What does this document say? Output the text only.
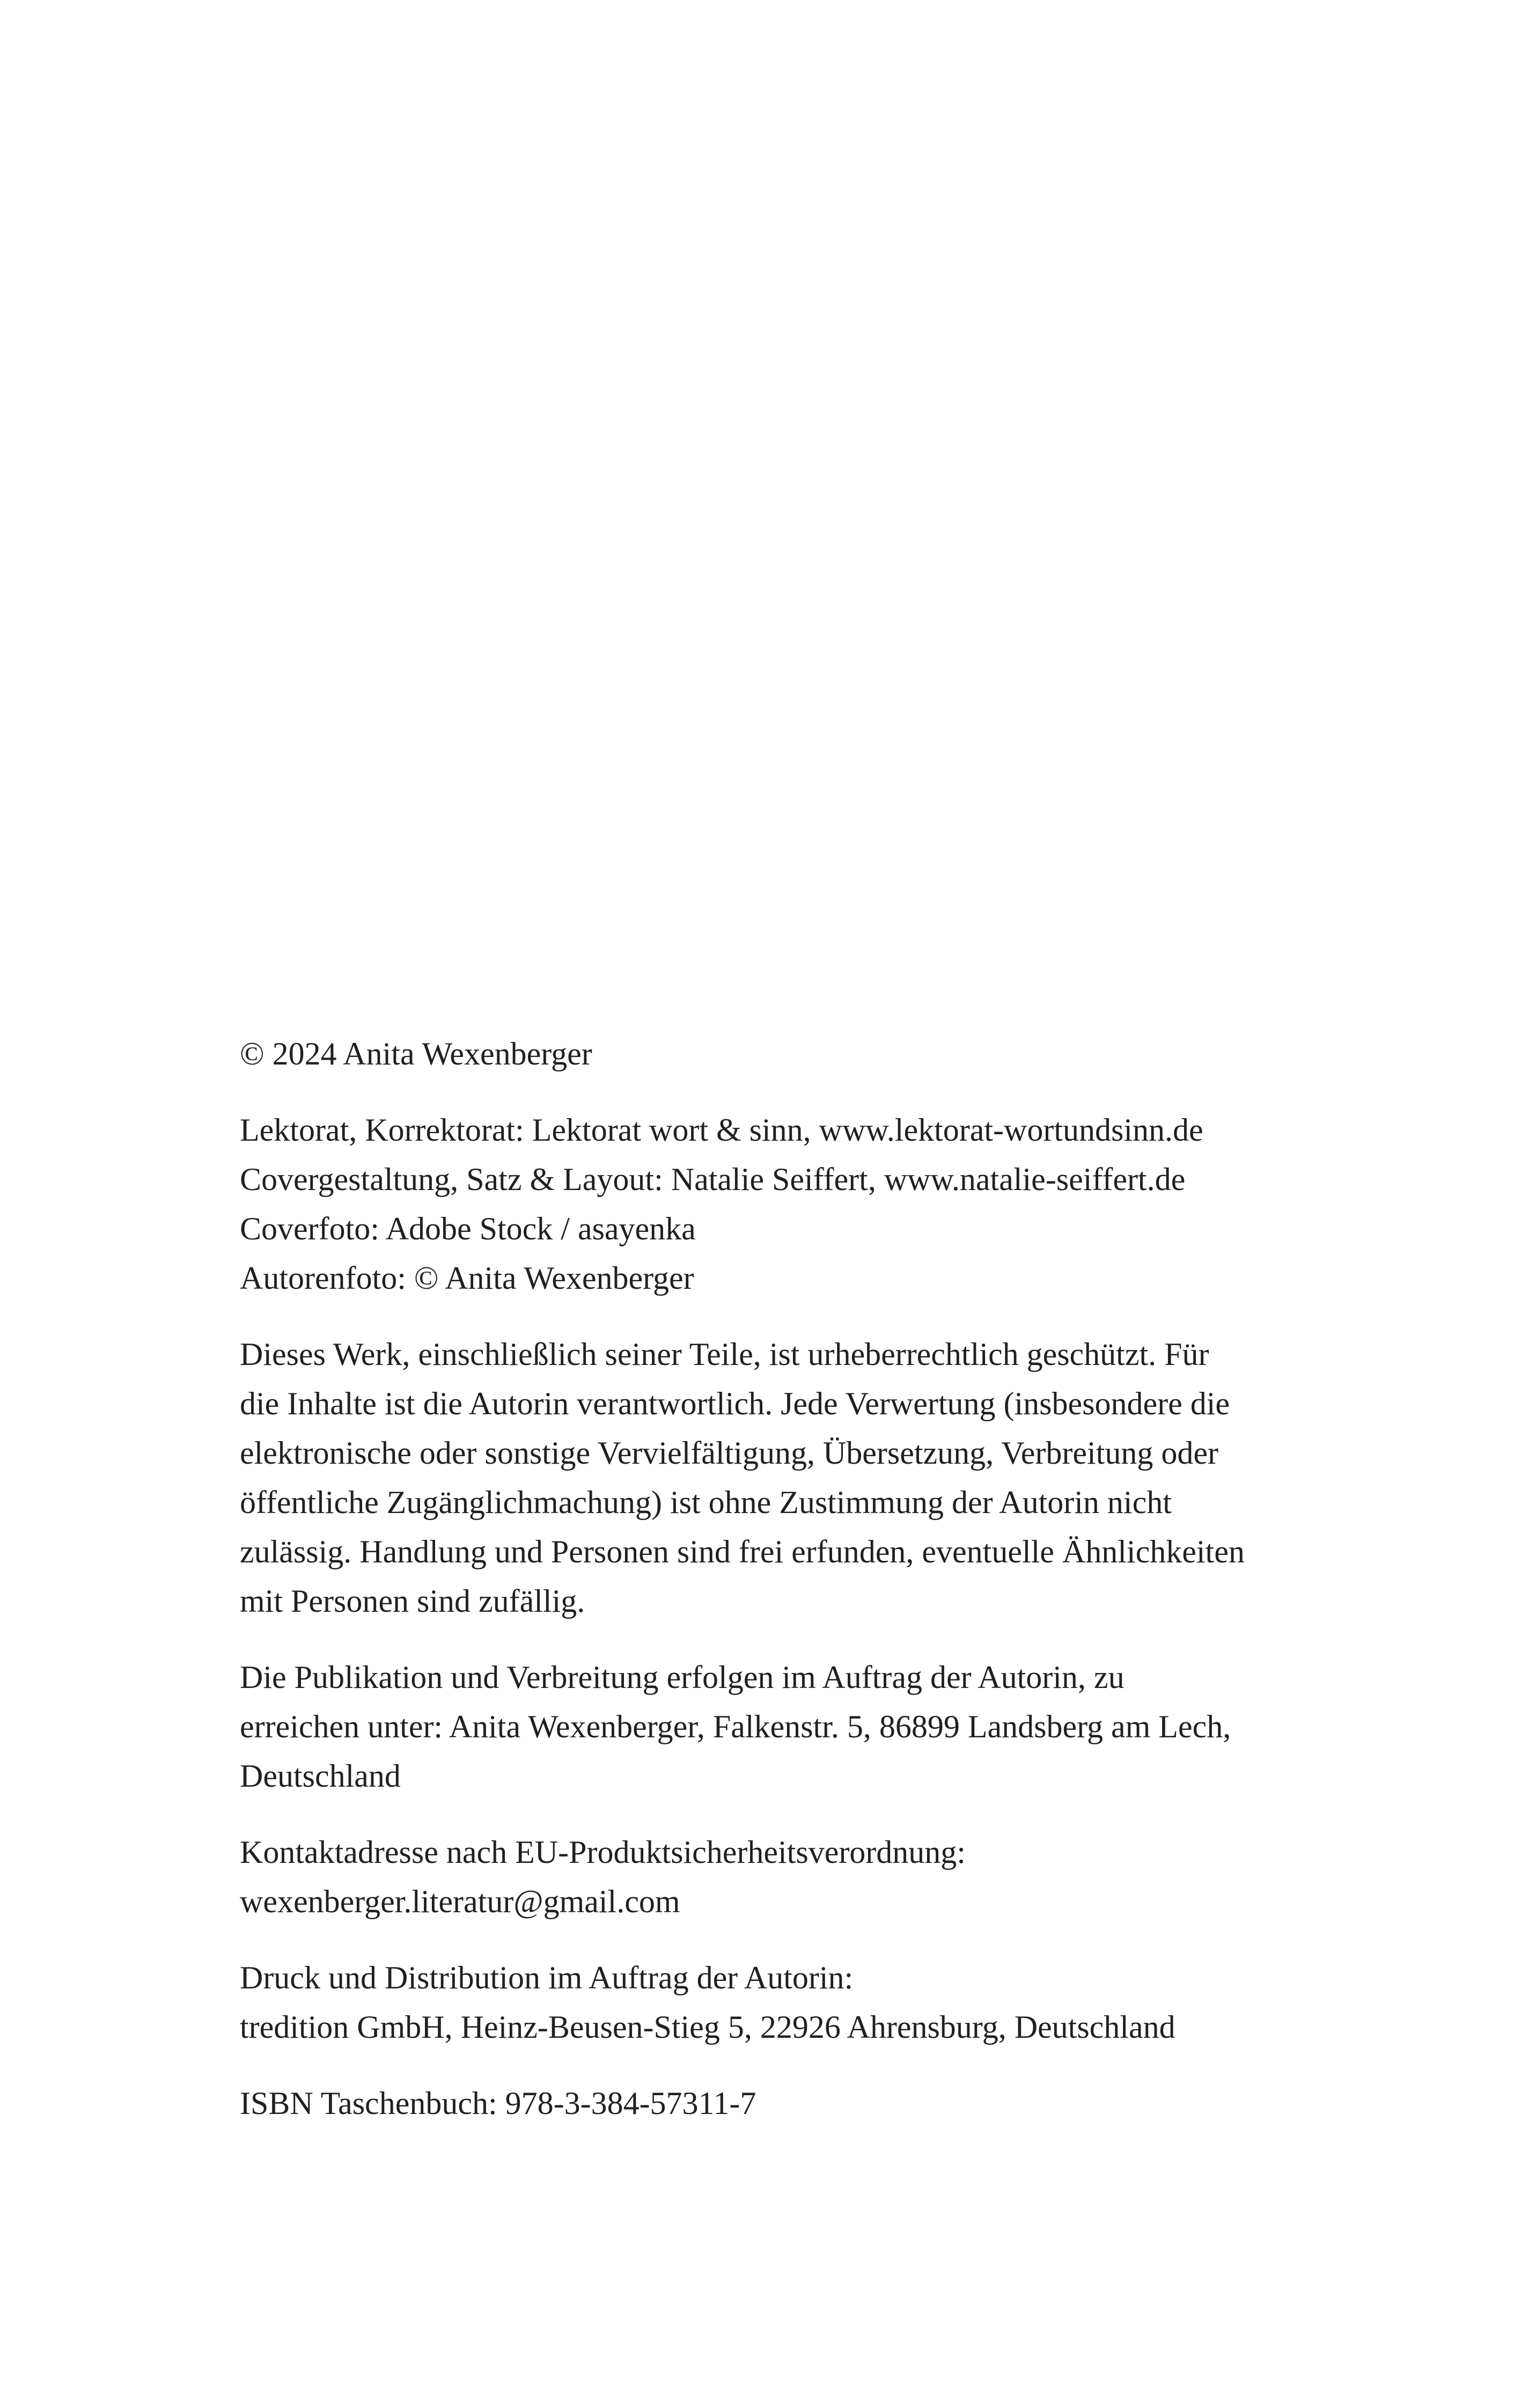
© 2024 Anita Wexenberger
Lektorat, Korrektorat: Lektorat wort & sinn, www.lektorat-wortundsinn.de
Covergestaltung, Satz & Layout: Natalie Seiffert, www.natalie-seiffert.de
Coverfoto: Adobe Stock / asayenka
Autorenfoto: © Anita Wexenberger
Dieses Werk, einschließlich seiner Teile, ist urheberrechtlich geschützt. Für
die Inhalte ist die Autorin verantwortlich. Jede Verwertung (insbesondere die
elektronische oder sonstige Vervielfältigung, Übersetzung, Verbreitung oder
öffentliche Zugänglichmachung) ist ohne Zustimmung der Autorin nicht
zulässig. Handlung und Personen sind frei erfunden, eventuelle Ähnlichkeiten
mit Personen sind zufällig.
Die Publikation und Verbreitung erfolgen im Auftrag der Autorin, zu
erreichen unter: Anita Wexenberger, Falkenstr. 5, 86899 Landsberg am Lech,
Deutschland
Kontaktadresse nach EU-Produktsicherheitsverordnung:
wexenberger.literatur@gmail.com
Druck und Distribution im Auftrag der Autorin:
tredition GmbH, Heinz-Beusen-Stieg 5, 22926 Ahrensburg, Deutschland
ISBN Taschenbuch: 978-3-384-57311-7
